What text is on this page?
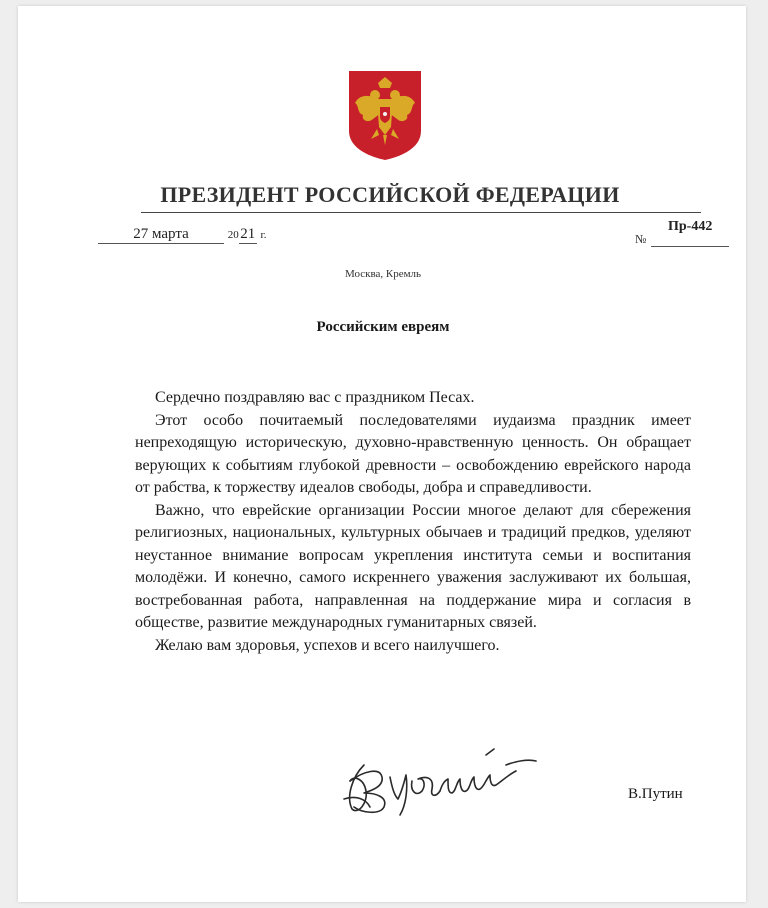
ПРЕЗИДЕНТ РОССИЙСКОЙ ФЕДЕРАЦИИ
27 марта	20 21 г.	№
Пр-442
Москва, Кремль
Российским евреям

Сердечно поздравляю вас с праздником Песах.

Этот особо почитаемый последователями иудаизма праздник имеет непреходящую историческую, духовно-нравственную ценность. Он обращает верующих к событиям глубокой древности – освобождению еврейского народа от рабства, к торжеству идеалов свободы, добра и справедливости.

Важно, что еврейские организации России многое делают для сбережения религиозных, национальных, культурных обычаев и традиций предков, уделяют неустанное внимание вопросам укрепления института семьи и воспитания молодёжи. И конечно, самого искреннего уважения заслуживают их большая, востребованная работа, направленная на поддержание мира и согласия в обществе, развитие международных гуманитарных связей.

Желаю вам здоровья, успехов и всего наилучшего.

В.Путин
